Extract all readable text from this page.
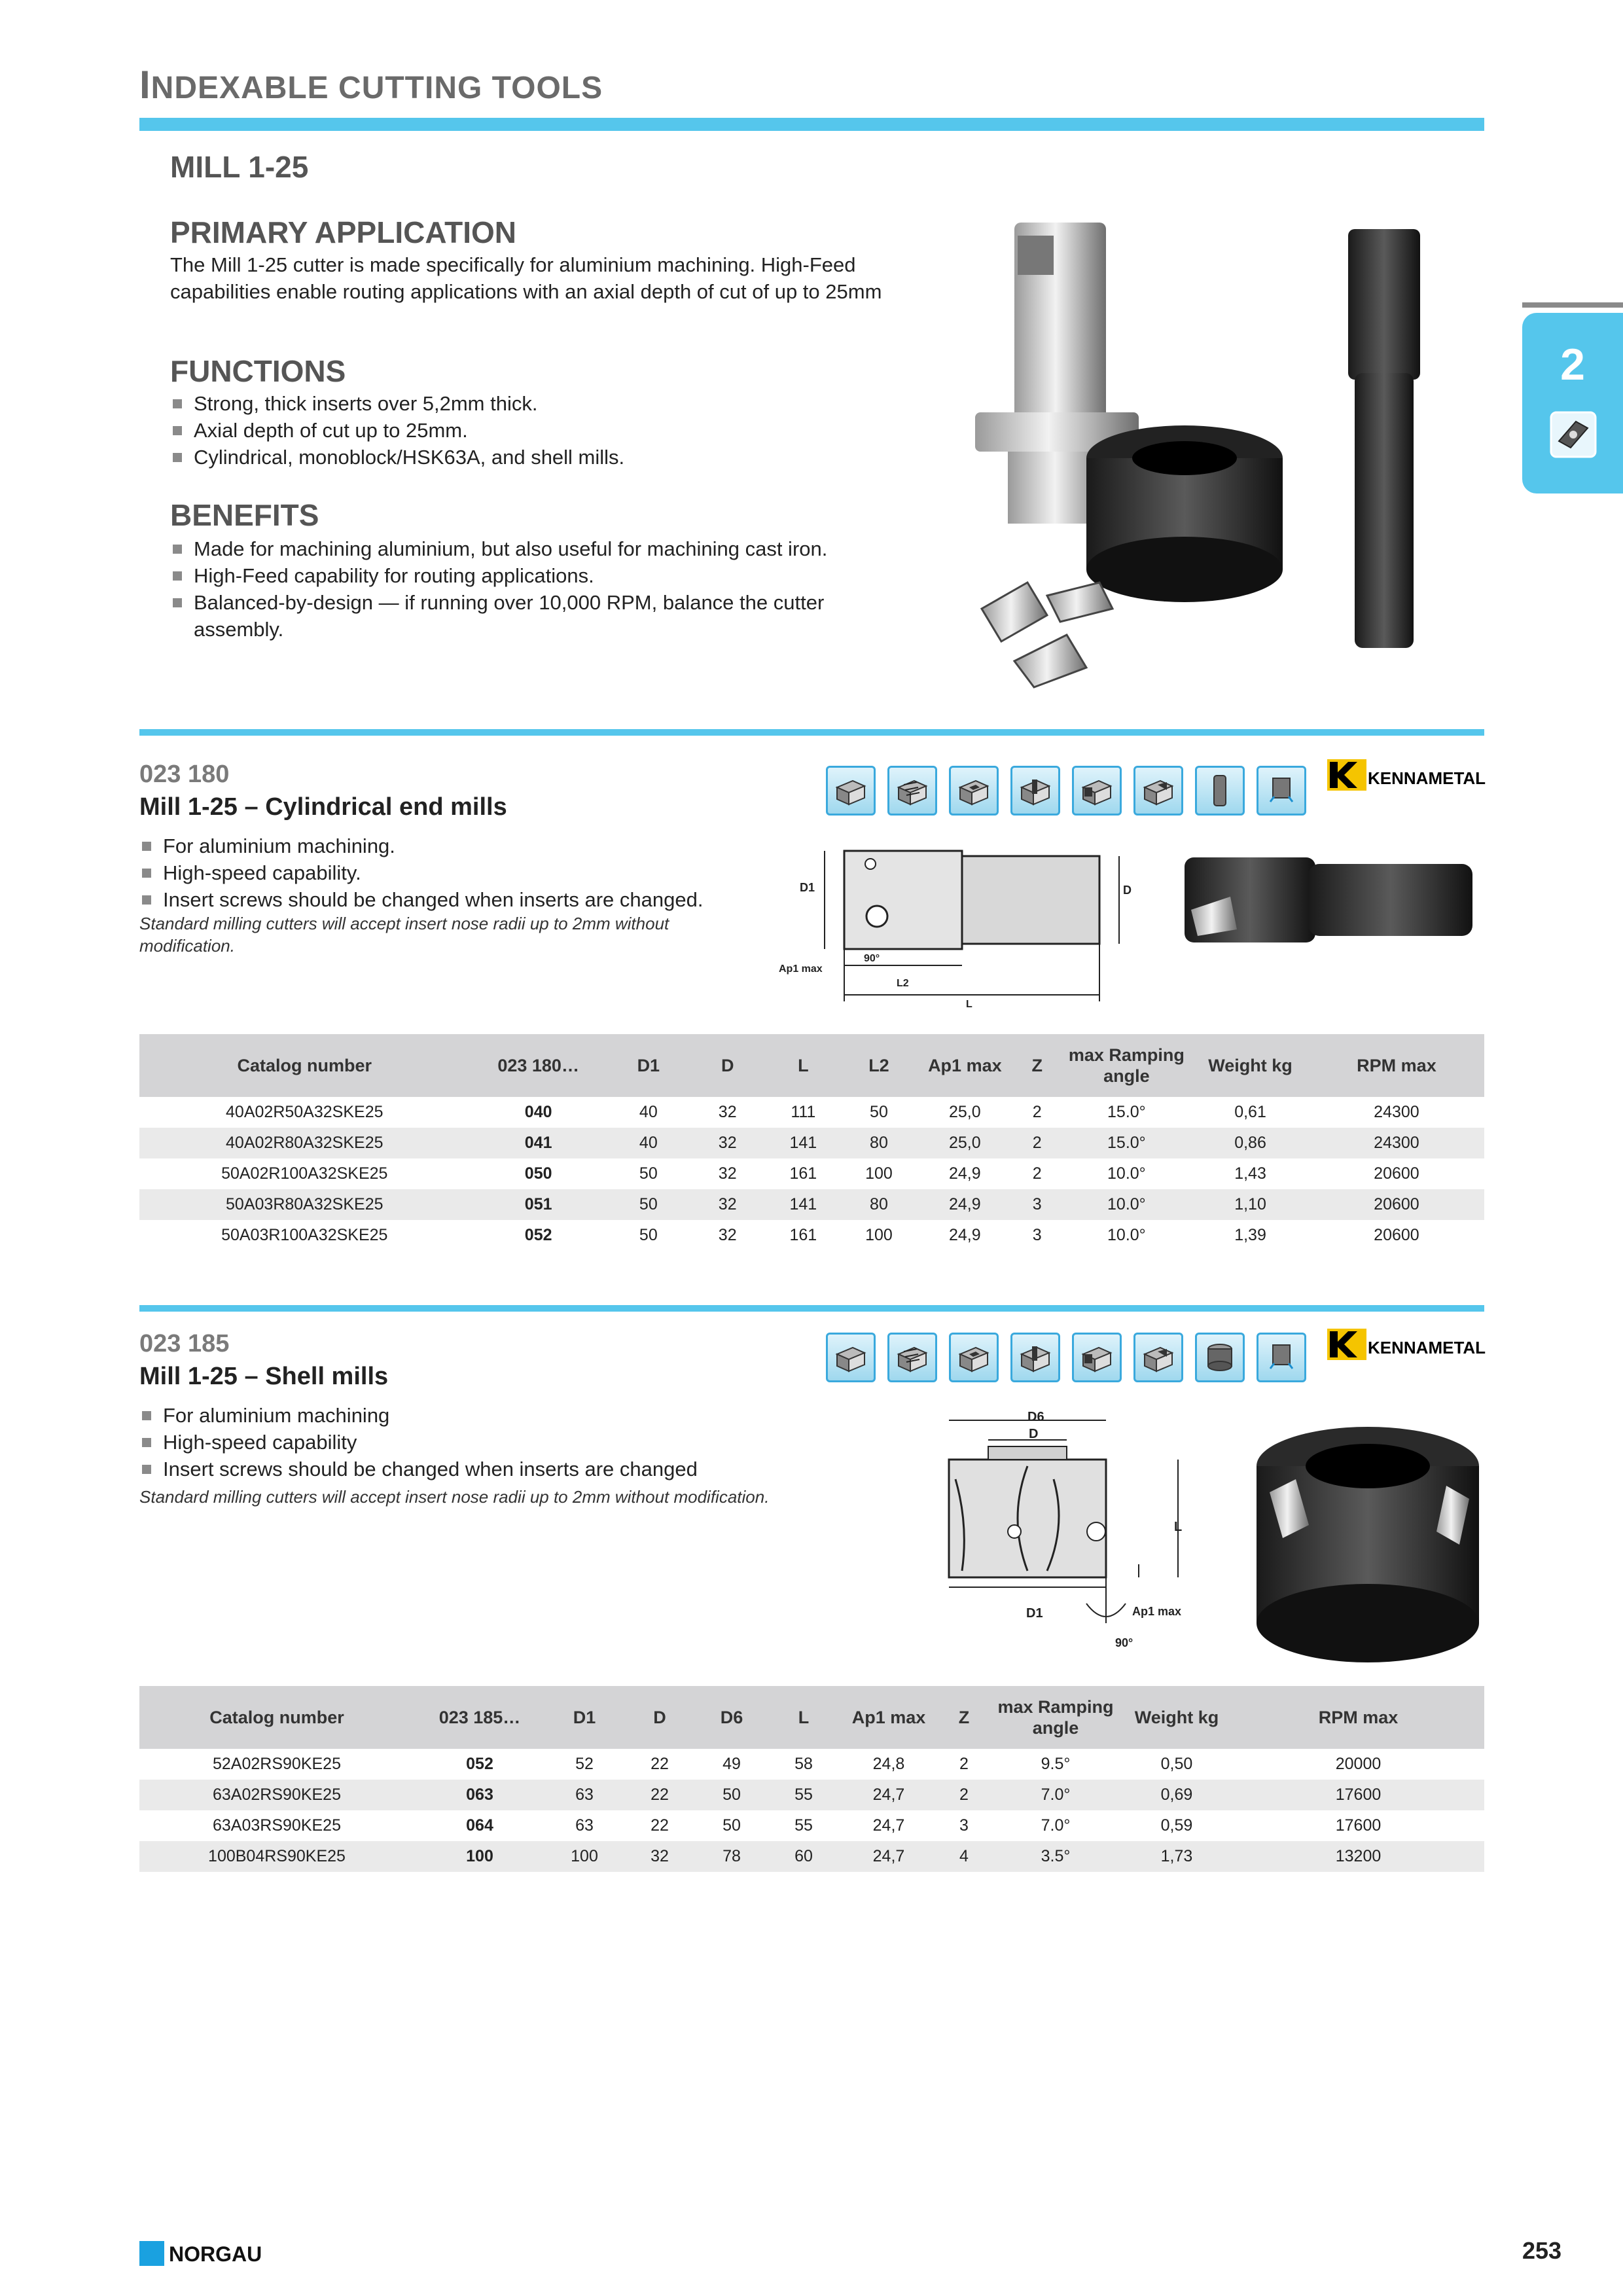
INDEXABLE CUTTING TOOLS
2
MILL 1-25
PRIMARY APPLICATION
The Mill 1-25 cutter is made specifically for aluminium machining. High-Feed capabilities enable routing applications with an axial depth of cut of up to 25mm
FUNCTIONS
Strong, thick inserts over 5,2mm thick.
Axial depth of cut up to 25mm.
Cylindrical, monoblock/HSK63A, and shell mills.
BENEFITS
Made for machining aluminium, but also useful for machining cast iron.
High-Feed capability for routing applications.
Balanced-by-design — if running over 10,000 RPM, balance the cutter assembly.
023 180
Mill 1-25 – Cylindrical end mills
For aluminium machining.
High-speed capability.
Insert screws should be changed when inserts are changed.
Standard milling cutters will accept insert nose radii up to 2mm without modification.
KENNAMETAL
D1	D
Ap1 max
90°
L2
L
Catalog number	023 180…	D1	D	L	L2	Ap1 max	Z	max Ramping angle	Weight kg	RPM max
40A02R50A32SKE25	040	40	32	111	50	25,0	2	15.0°	0,61	24300
40A02R80A32SKE25	041	40	32	141	80	25,0	2	15.0°	0,86	24300
50A02R100A32SKE25	050	50	32	161	100	24,9	2	10.0°	1,43	20600
50A03R80A32SKE25	051	50	32	141	80	24,9	3	10.0°	1,10	20600
50A03R100A32SKE25	052	50	32	161	100	24,9	3	10.0°	1,39	20600
023 185
Mill 1-25 – Shell mills
For aluminium machining
High-speed capability
Insert screws should be changed when inserts are changed
Standard milling cutters will accept insert nose radii up to 2mm without modification.
KENNAMETAL
D6
D
L
D1	Ap1 max
90°
Catalog number	023 185…	D1	D	D6	L	Ap1 max	Z	max Ramping angle	Weight kg	RPM max
52A02RS90KE25	052	52	22	49	58	24,8	2	9.5°	0,50	20000
63A02RS90KE25	063	63	22	50	55	24,7	2	7.0°	0,69	17600
63A03RS90KE25	064	63	22	50	55	24,7	3	7.0°	0,59	17600
100B04RS90KE25	100	100	32	78	60	24,7	4	3.5°	1,73	13200
NORGAU	253
